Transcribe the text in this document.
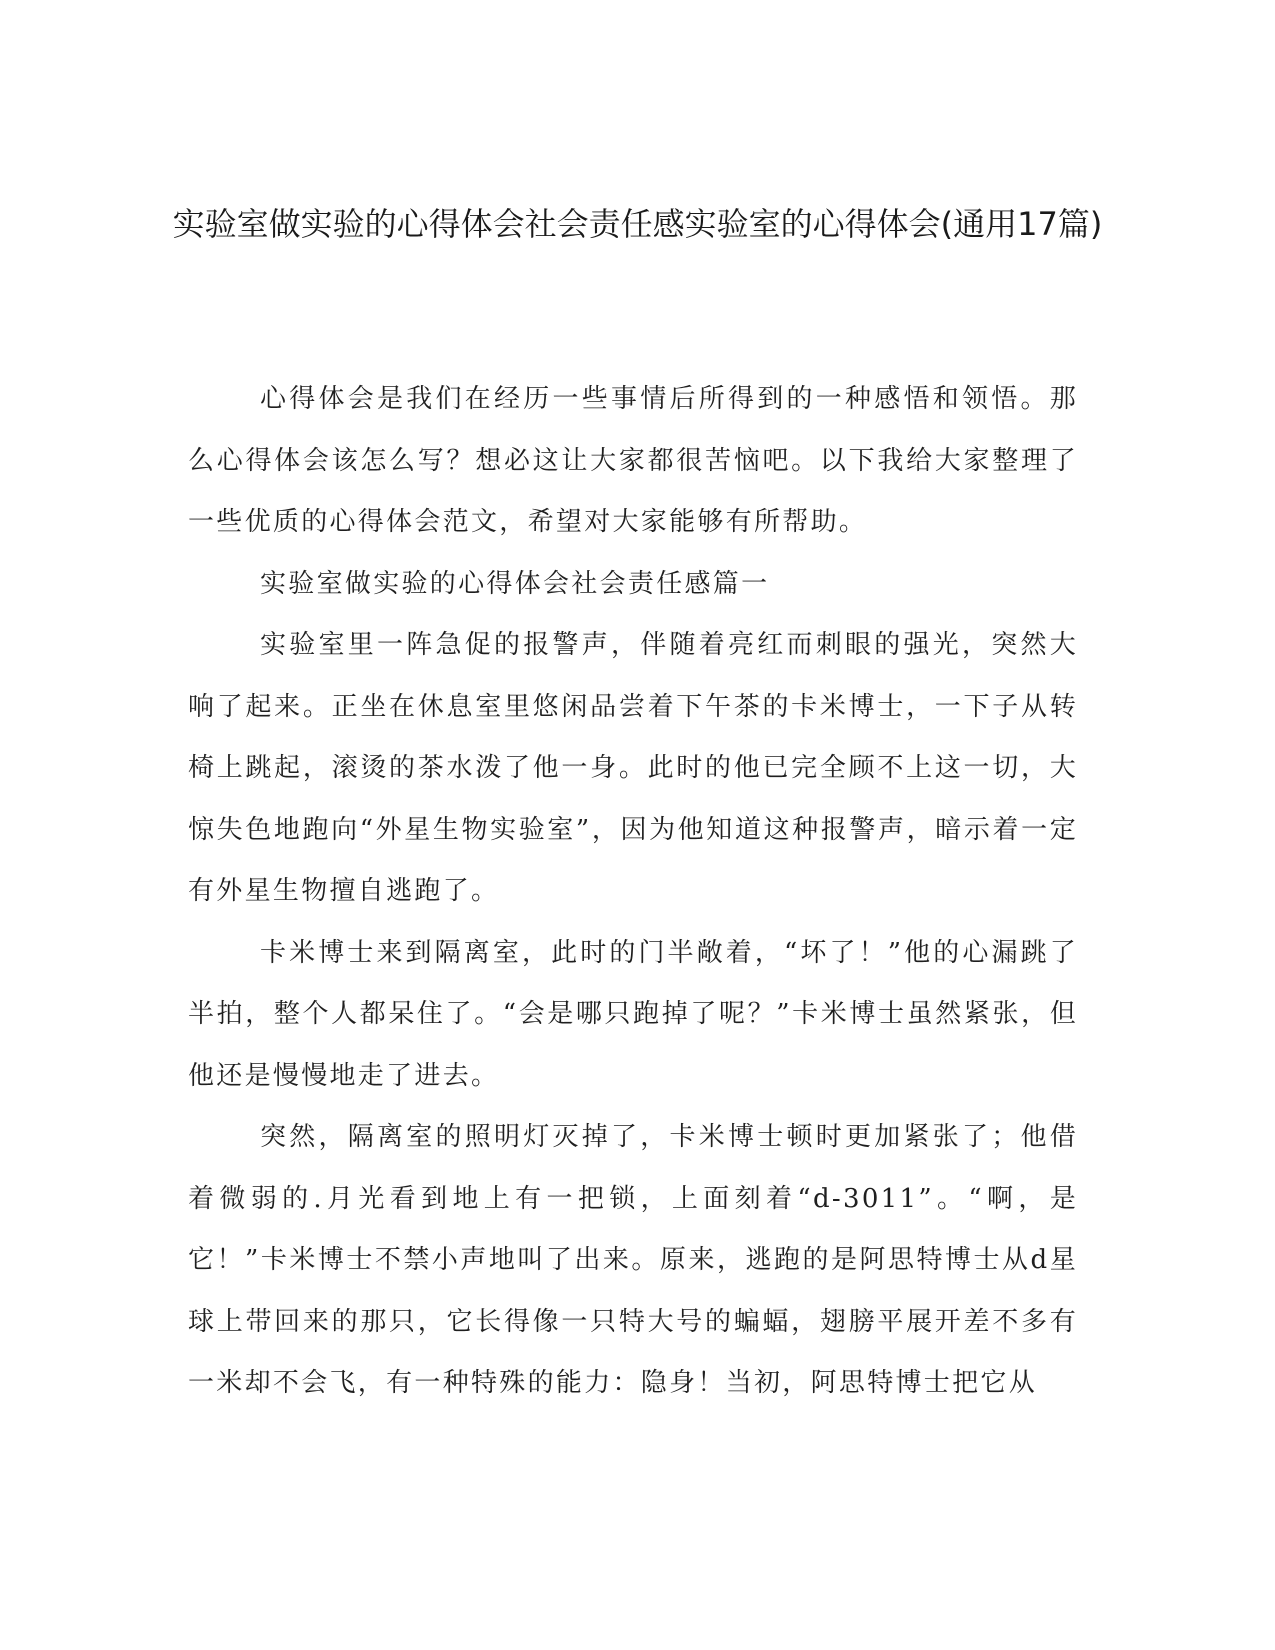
实验室做实验的心得体会社会责任感实验室的心得体会(通用17篇)

心得体会是我们在经历一些事情后所得到的一种感悟和领悟。那么心得体会该怎么写？想必这让大家都很苦恼吧。以下我给大家整理了一些优质的心得体会范文，希望对大家能够有所帮助。

实验室做实验的心得体会社会责任感篇一

实验室里一阵急促的报警声，伴随着亮红而刺眼的强光，突然大响了起来。正坐在休息室里悠闲品尝着下午茶的卡米博士，一下子从转椅上跳起，滚烫的茶水泼了他一身。此时的他已完全顾不上这一切，大惊失色地跑向“外星生物实验室”，因为他知道这种报警声，暗示着一定有外星生物擅自逃跑了。

卡米博士来到隔离室，此时的门半敞着，“坏了！”他的心漏跳了半拍，整个人都呆住了。“会是哪只跑掉了呢？”卡米博士虽然紧张，但他还是慢慢地走了进去。

突然，隔离室的照明灯灭掉了，卡米博士顿时更加紧张了；他借着微弱的.月光看到地上有一把锁，上面刻着“d-3011”。“啊，是它！”卡米博士不禁小声地叫了出来。原来，逃跑的是阿思特博士从d星球上带回来的那只，它长得像一只特大号的蝙蝠，翅膀平展开差不多有一米却不会飞，有一种特殊的能力：隐身！当初，阿思特博士把它从
